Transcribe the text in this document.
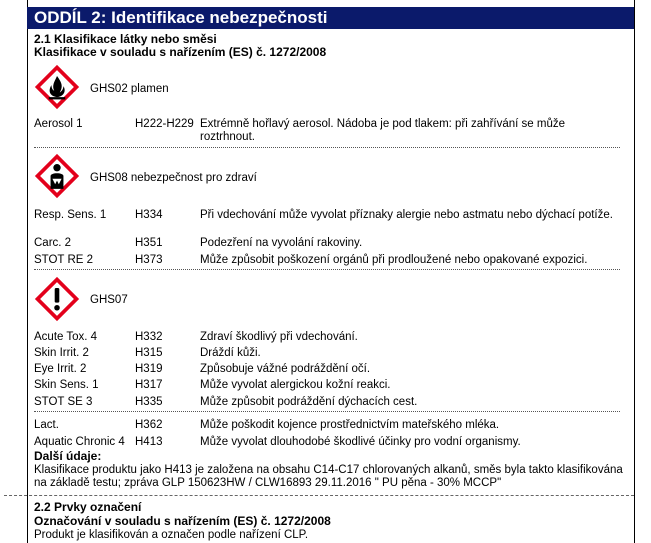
ODDÍL 2: Identifikace nebezpečnosti
2.1 Klasifikace látky nebo směsi
Klasifikace v souladu s nařízením (ES) č. 1272/2008
GHS02 plamen
Aerosol 1	H222-H229 Extrémně hořlavý aerosol. Nádoba je pod tlakem: při zahřívání se může roztrhnout.
GHS08 nebezpečnost pro zdraví
Resp. Sens. 1	H334	Při vdechování může vyvolat příznaky alergie nebo astmatu nebo dýchací potíže.
Carc. 2	H351	Podezření na vyvolání rakoviny.
STOT RE 2	H373	Může způsobit poškození orgánů při prodloužené nebo opakované expozici.
GHS07
Acute Tox. 4	H332	Zdraví škodlivý při vdechování.
Skin Irrit. 2	H315	Dráždí kůži.
Eye Irrit. 2	H319	Způsobuje vážné podráždění očí.
Skin Sens. 1	H317	Může vyvolat alergickou kožní reakci.
STOT SE 3	H335	Může způsobit podráždění dýchacích cest.
Lact.	H362	Může poškodit kojence prostřednictvím mateřského mléka.
Aquatic Chronic 4 H413	Může vyvolat dlouhodobé škodlivé účinky pro vodní organismy.
Další údaje:
Klasifikace produktu jako H413 je založena na obsahu C14-C17 chlorovaných alkanů, směs byla takto klasifikována na základě testu; zpráva GLP 150623HW / CLW16893 29.11.2016 " PU pěna - 30% MCCP"
2.2 Prvky označení
Označování v souladu s nařízením (ES) č. 1272/2008
Produkt je klasifikován a označen podle nařízení CLP.
